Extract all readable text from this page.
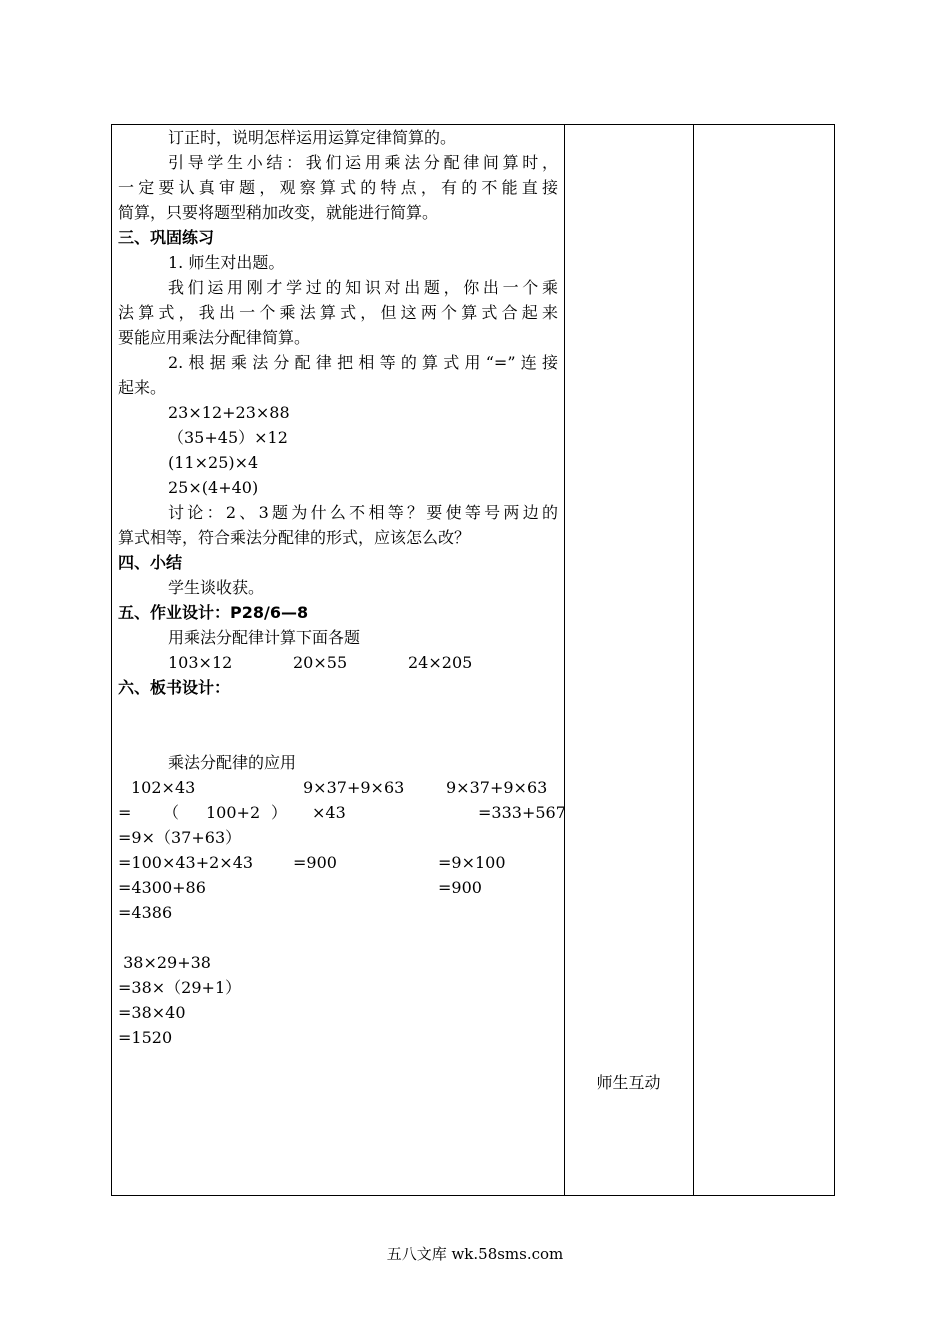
订正时，说明怎样运用运算定律简算的。
引导学生小结：我们运用乘法分配律间算时，
一定要认真审题，观察算式的特点，有的不能直接
简算，只要将题型稍加改变，就能进行简算。
三、巩固练习
1. 师生对出题。
我们运用刚才学过的知识对出题，你出一个乘
法算式，我出一个乘法算式，但这两个算式合起来
要能应用乘法分配律简算。
2.根据乘法分配律把相等的算式用“=”连接
起来。
23×12+23×88
（35+45）×12
(11×25)×4
25×(4+40)
讨论：2、3题为什么不相等？要使等号两边的
算式相等，符合乘法分配律的形式，应该怎么改？
四、小结
学生谈收获。
五、作业设计：P28/6—8
用乘法分配律计算下面各题

103×12

	20×55

	24×205

六、板书设计：
乘法分配律的应用

102×43

	9×37+9×63

	9×37+9×63

=

（

100+2

）

×43

	=333+567

=9×（37+63）

=100×43+2×43

=900

	=9×100

=4300+86

	=900

=4386
38×29+38
=38×（29+1）
=38×40
=1520
师生互动
五八文库 wk.58sms.com
